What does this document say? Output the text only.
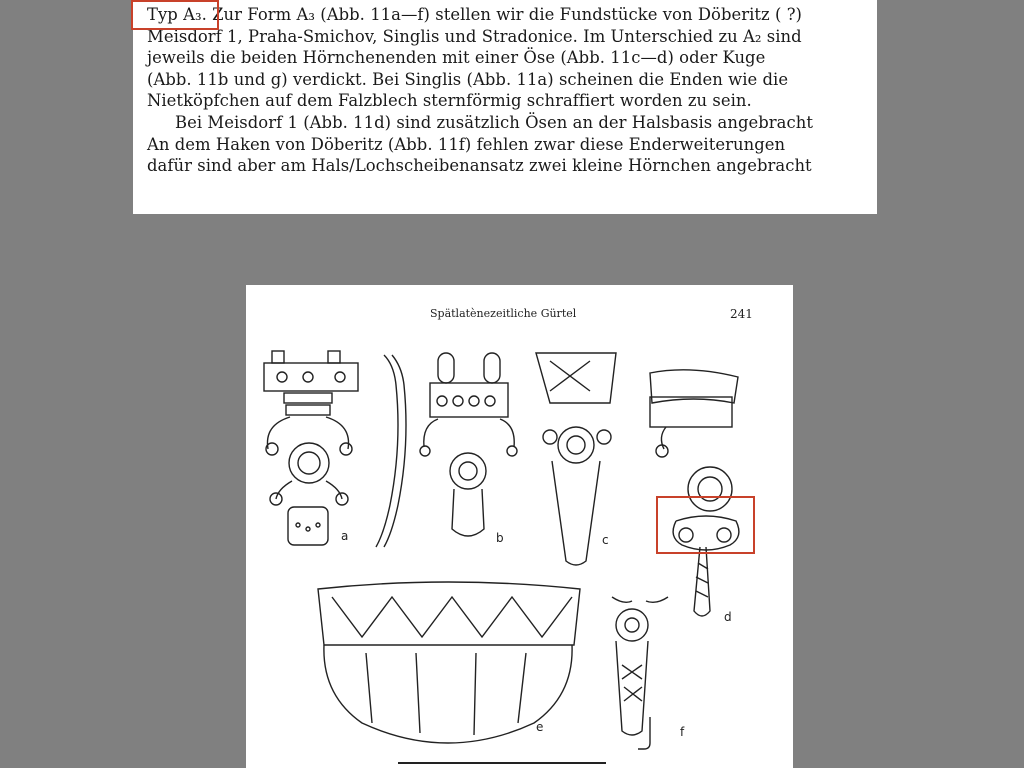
Typ A₃. Zur Form A₃ (Abb. 11a—f) stellen wir die Fundstücke von Döberitz ( ?)
Meisdorf 1, Praha-Smichov, Singlis und Stradonice. Im Unterschied zu A₂ sind
jeweils die beiden Hörnchenenden mit einer Öse (Abb. 11c—d) oder Kuge
(Abb. 11b und g) verdickt. Bei Singlis (Abb. 11a) scheinen die Enden wie die
Nietköpfchen auf dem Falzblech sternförmig schraffiert worden zu sein.
Bei Meisdorf 1 (Abb. 11d) sind zusätzlich Ösen an der Halsbasis angebracht
An dem Haken von Döberitz (Abb. 11f) fehlen zwar diese Enderweiterungen
dafür sind aber am Hals/Lochscheibenansatz zwei kleine Hörnchen angebracht
Spätlatènezeitliche Gürtel	241
a	b	c
d
e	f
